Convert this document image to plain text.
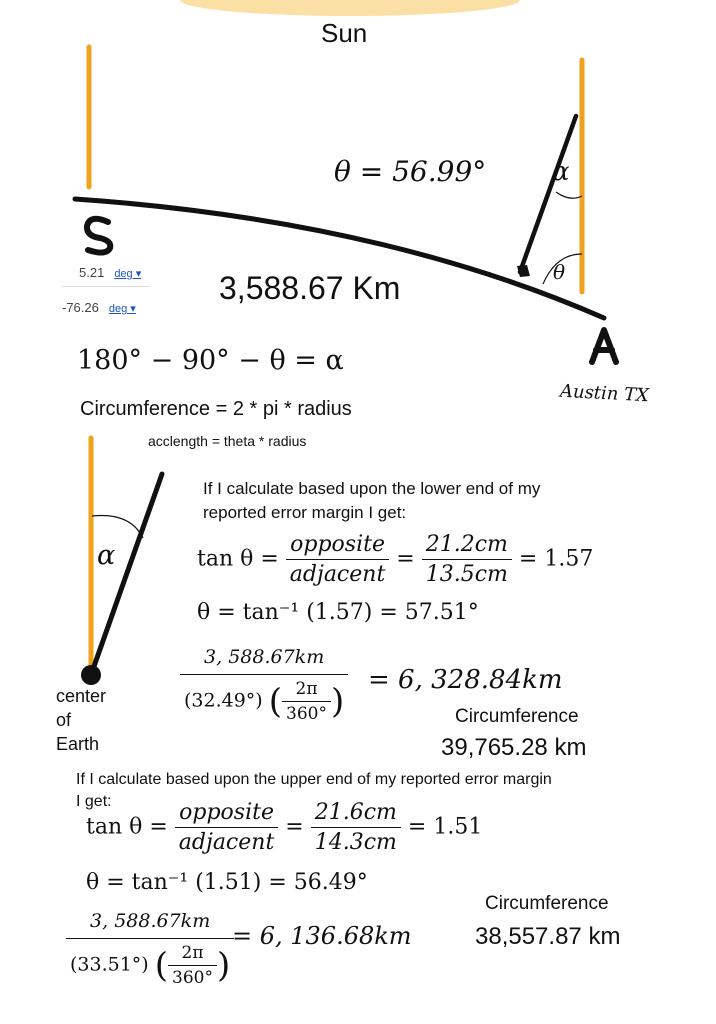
Sun
θ = 56.99°	α
θ
Austin TX
5.21 deg ▾
-76.26 deg ▾
3,588.67 Km
180° − 90° − θ = α
Circumference = 2 * pi * radius
acclength = theta * radius
α
center
of
Earth
If I calculate based upon the lower end of my
reported error margin I get:
$\tan \theta = \frac{\text{opposite}}{\text{adjacent}} = \frac{21.2cm}{13.5cm} = 1.57$
θ = tan⁻¹ (1.57) = 57.51°
$\frac{3, 588.67km}{(32.49^\circ) ( \frac{2\pi}{360^\circ} )} = 6$, 328.84km
Circumference
39,765.28 km
If I calculate based upon the upper end of my reported error margin
I get:
$\tan \theta = \frac{\text{opposite}}{\text{adjacent}} = \frac{21.6cm}{14.3cm} = 1.51$
θ = tan⁻¹ (1.51) = 56.49°
$\frac{3, 588.67km}{(33.51^\circ) ( \frac{2\pi}{360^\circ} )}$
= 6, 136.68km
Circumference
38,557.87 km
